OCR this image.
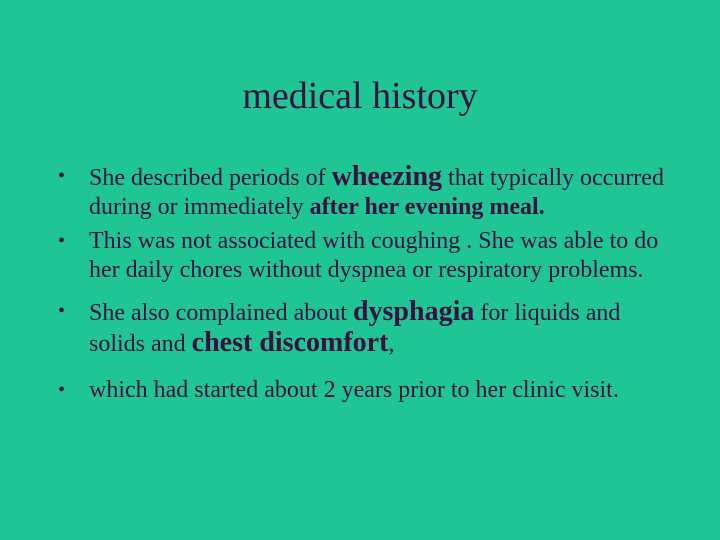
medical history
• She described periods of wheezing that typically occurred during or immediately after her evening meal.
• This was not associated with coughing . She was able to do her daily chores without dyspnea or respiratory problems.
• She also complained about dysphagia for liquids and solids and chest discomfort,
• which had started about 2 years prior to her clinic visit.
